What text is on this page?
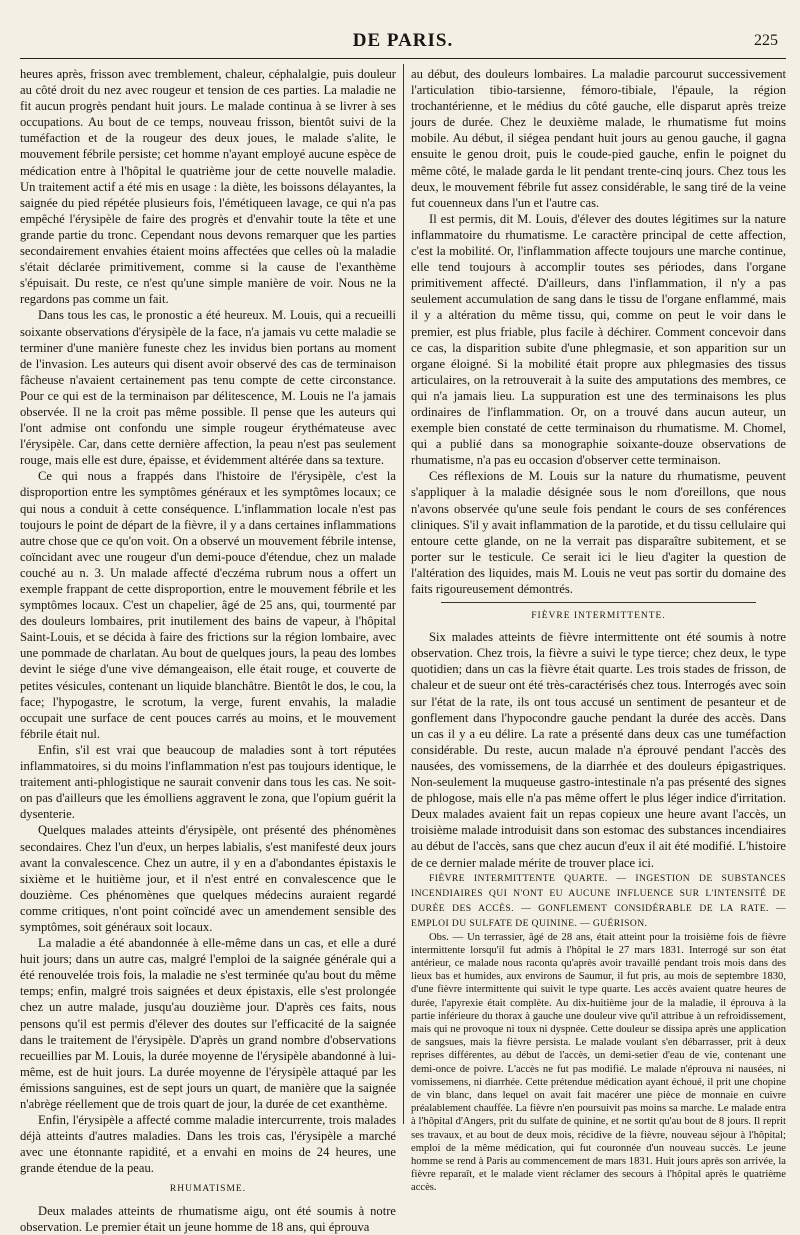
DE PARIS.	225

heures après, frisson avec tremblement, chaleur, céphalalgie, puis douleur au côté droit du nez avec rougeur et tension de ces parties. La maladie ne fit aucun progrès pendant huit jours. Le malade continua à se livrer à ses occupations. Au bout de ce temps, nouveau frisson, bientôt suivi de la tuméfaction et de la rougeur des deux joues, le malade s'alite, le mouvement fébrile persiste; cet homme n'ayant employé aucune espèce de médication entre à l'hôpital le quatrième jour de cette nouvelle maladie. Un traitement actif a été mis en usage : la diète, les boissons délayantes, la saignée du pied répétée plusieurs fois, l'émétiqueen lavage, ce qui n'a pas empêché l'érysipèle de faire des progrès et d'envahir toute la tête et une grande partie du tronc. Cependant nous devons remarquer que les parties secondairement envahies étaient moins affectées que celles où la maladie s'était déclarée primitivement, comme si la cause de l'exanthème s'épuisait. Du reste, ce n'est qu'une simple manière de voir. Nous ne la regardons pas comme un fait.

Dans tous les cas, le pronostic a été heureux. M. Louis, qui a recueilli soixante observations d'érysipèle de la face, n'a jamais vu cette maladie se terminer d'une manière funeste chez les invidus bien portans au moment de l'invasion. Les auteurs qui disent avoir observé des cas de terminaison fâcheuse n'avaient certainement pas tenu compte de cette circonstance. Pour ce qui est de la terminaison par délitescence, M. Louis ne l'a jamais observée. Il ne la croit pas même possible. Il pense que les auteurs qui l'ont admise ont confondu une simple rougeur érythémateuse avec l'érysipèle. Car, dans cette dernière affection, la peau n'est pas seulement rouge, mais elle est dure, épaisse, et évidemment altérée dans sa texture.

Ce qui nous a frappés dans l'histoire de l'érysipèle, c'est la disproportion entre les symptômes généraux et les symptômes locaux; ce qui nous a conduit à cette conséquence. L'inflammation locale n'est pas toujours le point de départ de la fièvre, il y a dans certaines inflammations autre chose que ce qu'on voit. On a observé un mouvement fébrile intense, coïncidant avec une rougeur d'un demi-pouce d'étendue, chez un malade couché au n. 3. Un malade affecté d'eczéma rubrum nous a offert un exemple frappant de cette disproportion, entre le mouvement fébrile et les symptômes locaux. C'est un chapelier, âgé de 25 ans, qui, tourmenté par des douleurs lombaires, prit inutilement des bains de vapeur, à l'hôpital Saint-Louis, et se décida à faire des frictions sur la région lombaire, avec une pommade de charlatan. Au bout de quelques jours, la peau des lombes devint le siége d'une vive démangeaison, elle était rouge, et couverte de petites vésicules, contenant un liquide blanchâtre. Bientôt le dos, le cou, la face; l'hypogastre, le scrotum, la verge, furent envahis, la maladie occupait une surface de cent pouces carrés au moins, et le mouvement fébrile était nul.

Enfin, s'il est vrai que beaucoup de maladies sont à tort réputées inflammatoires, si du moins l'inflammation n'est pas toujours identique, le traitement anti-phlogistique ne saurait convenir dans tous les cas. Ne soit-on pas d'ailleurs que les émolliens aggravent le zona, que l'opium guérit la dysenterie.

Quelques malades atteints d'érysipèle, ont présenté des phénomènes secondaires. Chez l'un d'eux, un herpes labialis, s'est manifesté deux jours avant la convalescence. Chez un autre, il y en a d'abondantes épistaxis le sixième et le huitième jour, et il n'est entré en convalescence que le douzième. Ces phénomènes que quelques médecins auraient regardé comme critiques, n'ont point coïncidé avec un amendement sensible des symptômes, soit généraux soit locaux.

La maladie a été abandonnée à elle-même dans un cas, et elle a duré huit jours; dans un autre cas, malgré l'emploi de la saignée générale qui a été renouvelée trois fois, la maladie ne s'est terminée qu'au bout du même temps; enfin, malgré trois saignées et deux épistaxis, elle s'est prolongée chez un autre malade, jusqu'au douzième jour. D'après ces faits, nous pensons qu'il est permis d'élever des doutes sur l'efficacité de la saignée dans le traitement de l'érysipèle. D'après un grand nombre d'observations recueillies par M. Louis, la durée moyenne de l'érysipèle abandonné à lui-même, est de huit jours. La durée moyenne de l'érysipèle attaqué par les émissions sanguines, est de sept jours un quart, de manière que la saignée n'abrège réellement que de trois quart de jour, la durée de cet exanthème.

Enfin, l'érysipèle a affecté comme maladie intercurrente, trois malades déjà atteints d'autres maladies. Dans les trois cas, l'érysipèle a marché avec une étonnante rapidité, et a envahi en moins de 24 heures, une grande étendue de la peau.

RHUMATISME.

Deux malades atteints de rhumatisme aigu, ont été soumis à notre observation. Le premier était un jeune homme de 18 ans, qui éprouva

au début, des douleurs lombaires. La maladie parcourut successivement l'articulation tibio-tarsienne, fémoro-tibiale, l'épaule, la région trochantérienne, et le médius du côté gauche, elle disparut après treize jours de durée. Chez le deuxième malade, le rhumatisme fut moins mobile. Au début, il siégea pendant huit jours au genou gauche, il gagna ensuite le genou droit, puis le coude-pied gauche, enfin le poignet du même côté, le malade garda le lit pendant trente-cinq jours. Chez tous les deux, le mouvement fébrile fut assez considérable, le sang tiré de la veine fut couenneux dans l'un et l'autre cas.

Il est permis, dit M. Louis, d'élever des doutes légitimes sur la nature inflammatoire du rhumatisme. Le caractère principal de cette affection, c'est la mobilité. Or, l'inflammation affecte toujours une marche continue, elle tend toujours à accomplir toutes ses périodes, dans l'organe primitivement affecté. D'ailleurs, dans l'inflammation, il n'y a pas seulement accumulation de sang dans le tissu de l'organe enflammé, mais il y a altération du même tissu, qui, comme on peut le voir dans le premier, est plus friable, plus facile à déchirer. Comment concevoir dans ce cas, la disparition subite d'une phlegmasie, et son apparition sur un organe éloigné. Si la mobilité était propre aux phlegmasies des tissus articulaires, on la retrouverait à la suite des amputations des membres, ce qui n'a jamais lieu. La suppuration est une des terminaisons les plus ordinaires de l'inflammation. Or, on a trouvé dans aucun auteur, un exemple bien constaté de cette terminaison du rhumatisme. M. Chomel, qui a publié dans sa monographie soixante-douze observations de rhumatisme, n'a pas eu occasion d'observer cette terminaison.

Ces réflexions de M. Louis sur la nature du rhumatisme, peuvent s'appliquer à la maladie désignée sous le nom d'oreillons, que nous n'avons observée qu'une seule fois pendant le cours de ses conférences cliniques. S'il y avait inflammation de la parotide, et du tissu cellulaire qui entoure cette glande, on ne la verrait pas disparaître subitement, et se porter sur le testicule. Ce serait ici le lieu d'agiter la question de l'altération des liquides, mais M. Louis ne veut pas sortir du domaine des faits rigoureusement démontrés.

FIÈVRE INTERMITTENTE.

Six malades atteints de fièvre intermittente ont été soumis à notre observation. Chez trois, la fièvre a suivi le type tierce; chez deux, le type quotidien; dans un cas la fièvre était quarte. Les trois stades de frisson, de chaleur et de sueur ont été très-caractérisés chez tous. Interrogés avec soin sur l'état de la rate, ils ont tous accusé un sentiment de pesanteur et de gonflement dans l'hypocondre gauche pendant la durée des accès. Dans un cas il y a eu délire. La rate a présenté dans deux cas une tuméfaction considérable. Du reste, aucun malade n'a éprouvé pendant l'accès des nausées, des vomissemens, de la diarrhée et des douleurs épigastriques. Non-seulement la muqueuse gastro-intestinale n'a pas présenté des signes de phlogose, mais elle n'a pas même offert le plus léger indice d'irritation. Deux malades avaient fait un repas copieux une heure avant l'accès, un troisième malade introduisit dans son estomac des substances incendiaires au début de l'accès, sans que chez aucun d'eux il ait été modifié. L'histoire de ce dernier malade mérite de trouver place ici.

FIÈVRE INTERMITTENTE QUARTE. — INGESTION DE SUBSTANCES INCENDIAIRES QUI N'ONT EU AUCUNE INFLUENCE SUR L'INTENSITÉ DE DURÉE DES ACCÈS. — GONFLEMENT CONSIDÉRABLE DE LA RATE. — EMPLOI DU SULFATE DE QUININE. — GUÉRISON.

Obs. — Un terrassier, âgé de 28 ans, était atteint pour la troisième fois de fièvre intermittente lorsqu'il fut admis à l'hôpital le 27 mars 1831. Interrogé sur son état antérieur, ce malade nous raconta qu'après avoir travaillé pendant trois mois dans des lieux bas et humides, aux environs de Saumur, il fut pris, au mois de septembre 1830, d'une fièvre intermittente qui suivit le type quarte. Les accès avaient quatre heures de durée, l'apyrexie était complète. Au dix-huitième jour de la maladie, il éprouva à la partie inférieure du thorax à gauche une douleur vive qu'il attribue à un refroidissement, mais qui ne provoque ni toux ni dyspnée. Cette douleur se dissipa après une application de sangsues, mais la fièvre persista. Le malade voulant s'en débarrasser, prit à deux reprises différentes, au début de l'accès, un demi-setier d'eau de vie, contenant une demi-once de poivre. L'accès ne fut pas modifié. Le malade n'éprouva ni nausées, ni vomissemens, ni diarrhée. Cette prétendue médication ayant échoué, il prit une chopine de vin blanc, dans lequel on avait fait macérer une pièce de monnaie en cuivre préalablement chauffée. La fièvre n'en poursuivit pas moins sa marche. Le malade entra à l'hôpital d'Angers, prit du sulfate de quinine, et ne sortit qu'au bout de 8 jours. Il reprit ses travaux, et au bout de deux mois, récidive de la fièvre, nouveau séjour à l'hôpital; emploi de la même médication, qui fut couronnée d'un nouveau succès. Le jeune homme se rend à Paris au commencement de mars 1831. Huit jours après son arrivée, la fièvre reparaît, et le malade vient réclamer des secours à l'hôpital après le quatrième accès.
